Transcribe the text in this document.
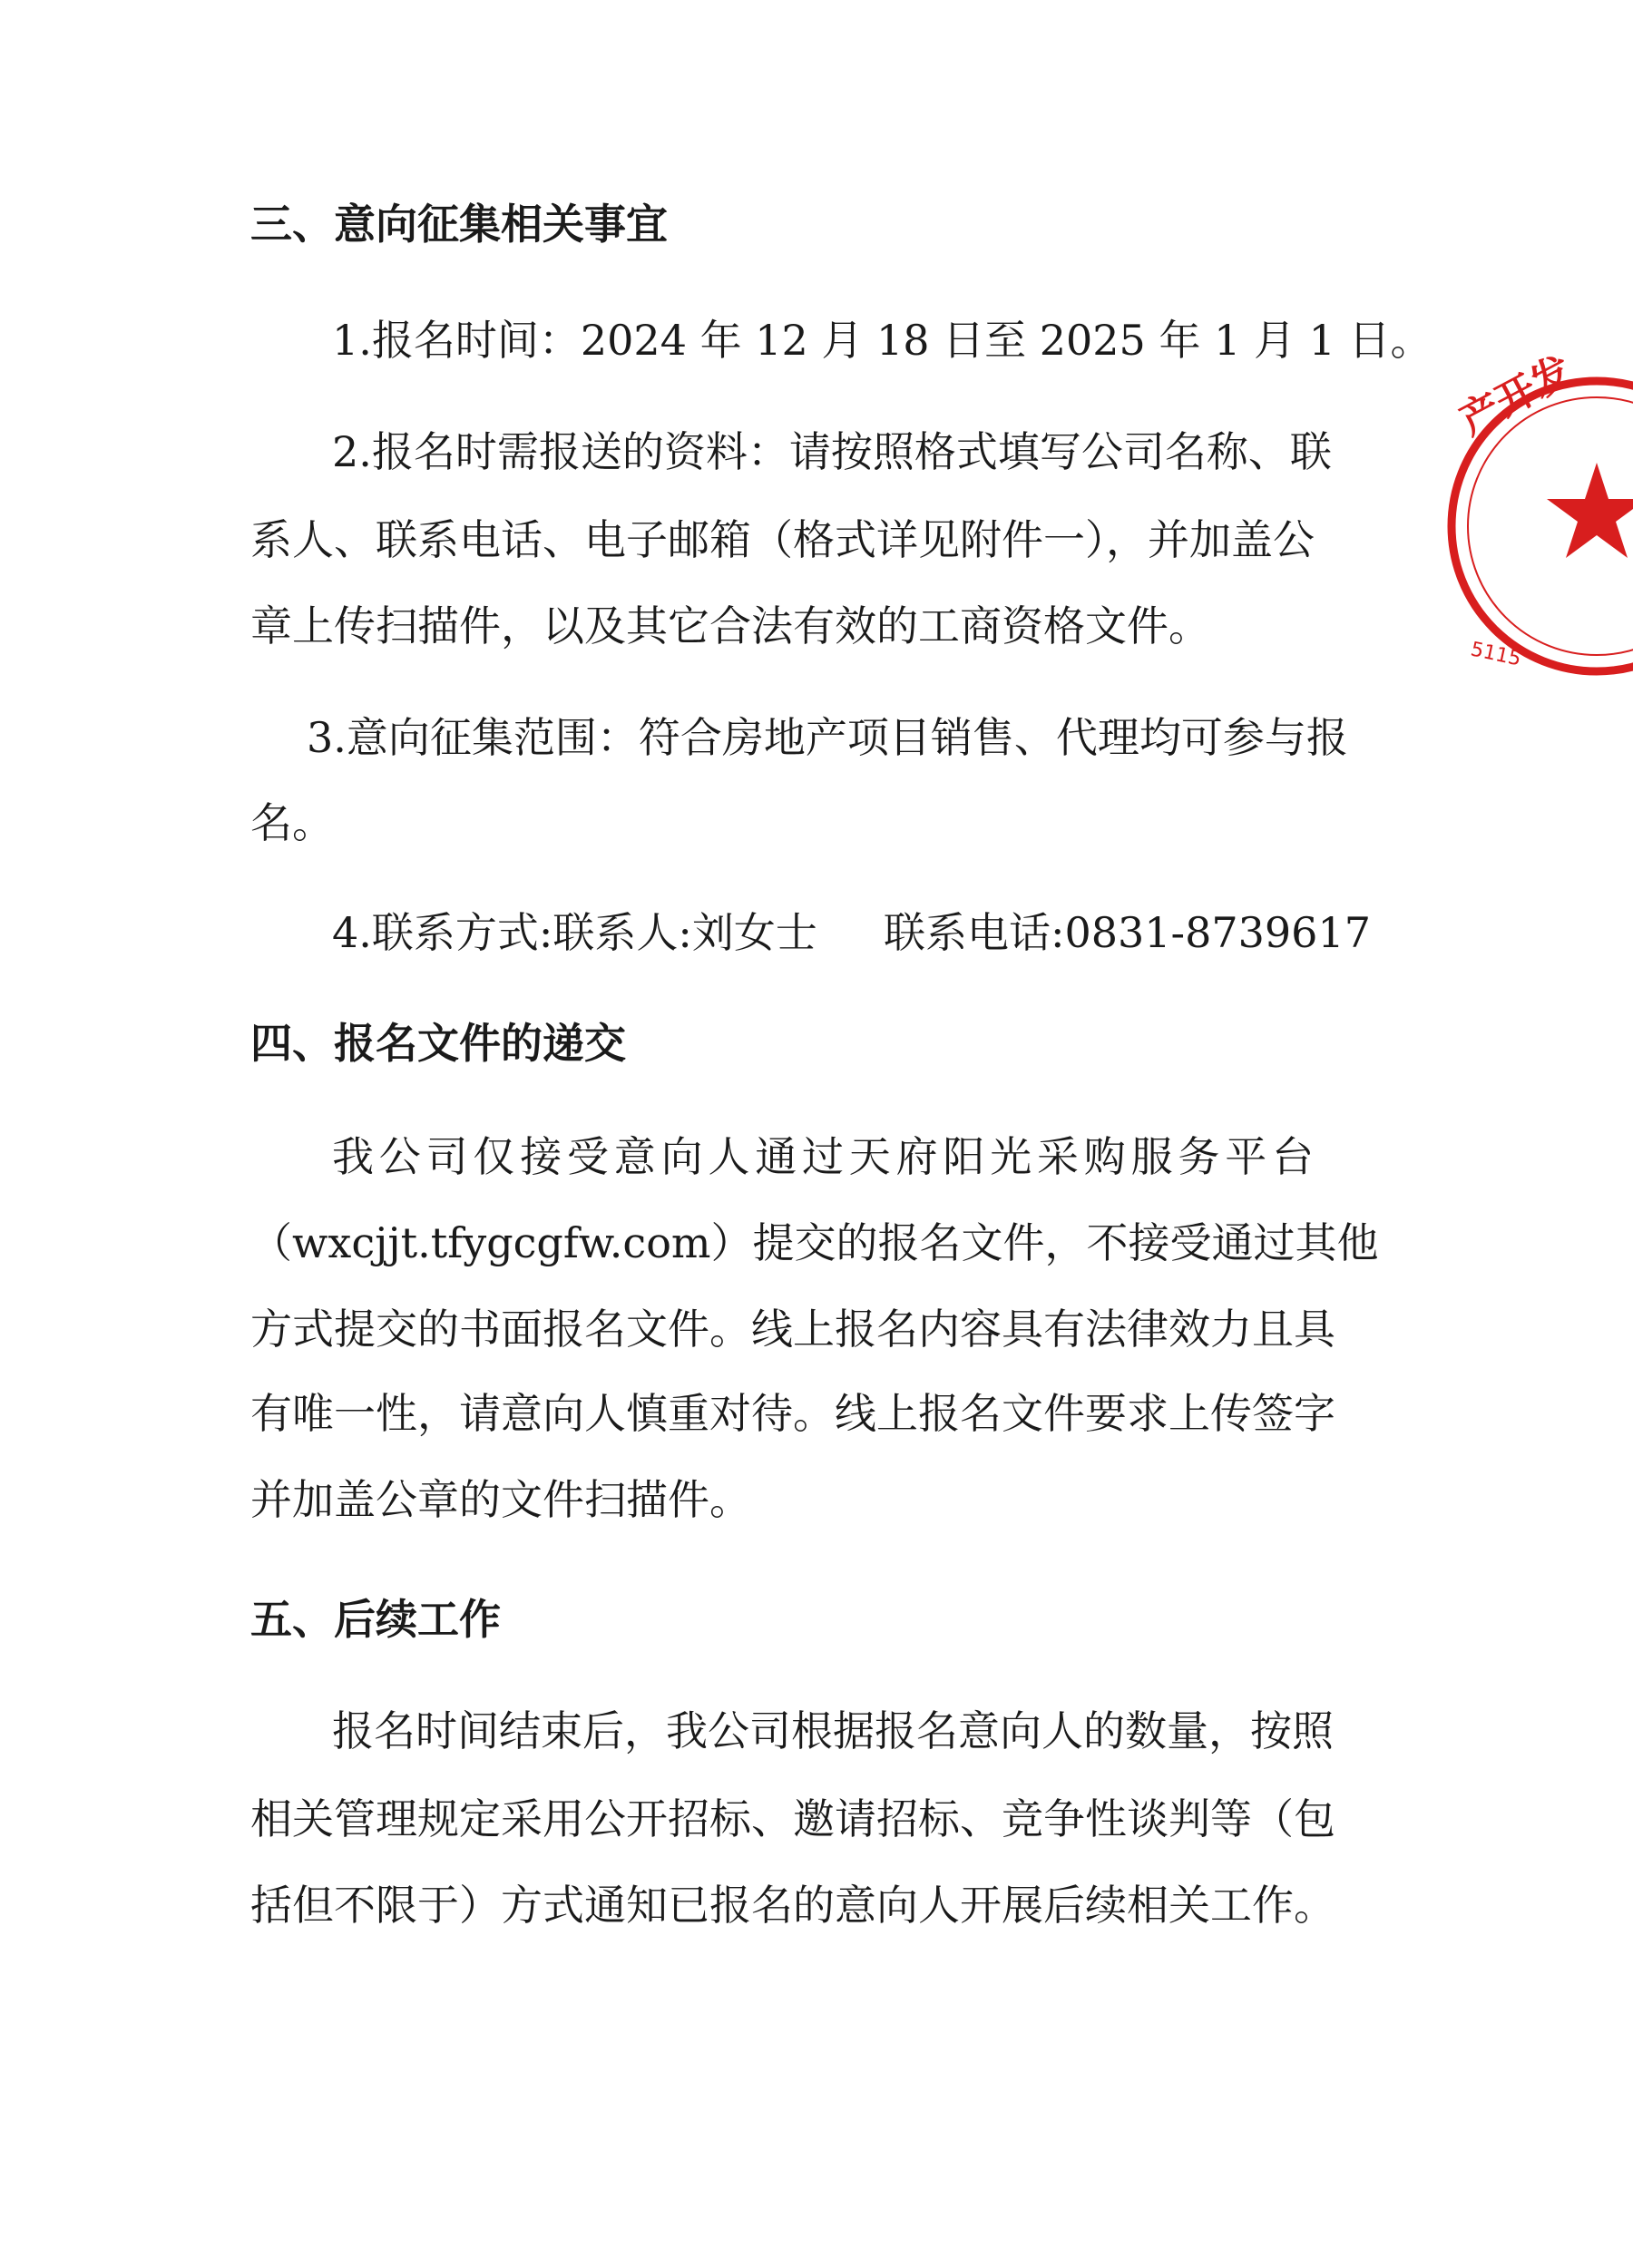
三、意向征集相关事宜
1.报名时间：2024 年 12 月 18 日至 2025 年 1 月 1 日。
2.报名时需报送的资料：请按照格式填写公司名称、联
系人、联系电话、电子邮箱（格式详见附件一），并加盖公
章上传扫描件，以及其它合法有效的工商资格文件。
3.意向征集范围：符合房地产项目销售、代理均可参与报
名。
4.联系方式:联系人:刘女士     联系电话:0831-8739617
四、报名文件的递交
我公司仅接受意向人通过天府阳光采购服务平台
（wxcjjt.tfygcgfw.com）提交的报名文件，不接受通过其他
方式提交的书面报名文件。线上报名内容具有法律效力且具
有唯一性，请意向人慎重对待。线上报名文件要求上传签字
并加盖公章的文件扫描件。
五、后续工作
报名时间结束后，我公司根据报名意向人的数量，按照
相关管理规定采用公开招标、邀请招标、竞争性谈判等（包
括但不限于）方式通知已报名的意向人开展后续相关工作。
产开发
5115
